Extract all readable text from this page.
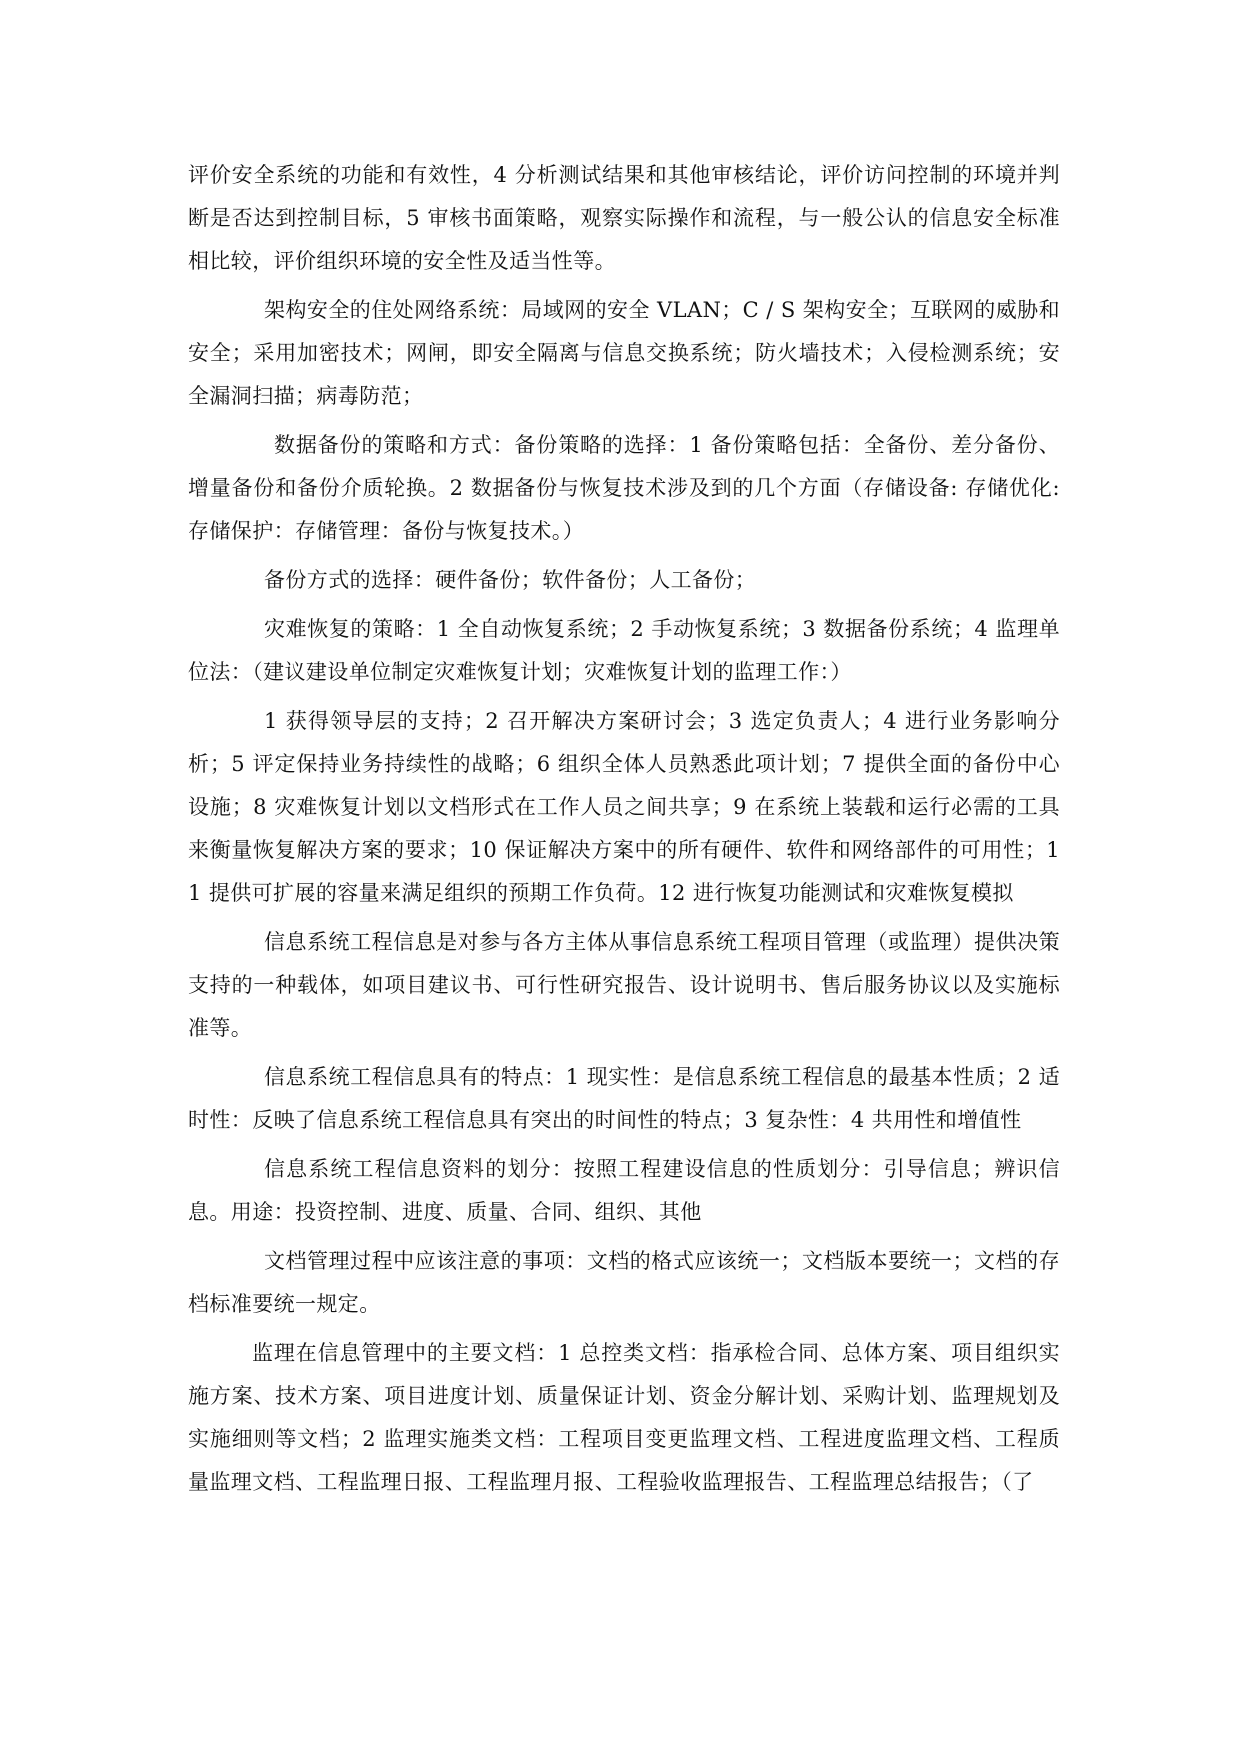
评价安全系统的功能和有效性，4 分析测试结果和其他审核结论，评价访问控制的环境并判断是否达到控制目标，5 审核书面策略，观察实际操作和流程，与一般公认的信息安全标准相比较，评价组织环境的安全性及适当性等。

架构安全的住处网络系统：局域网的安全 VLAN；C / S 架构安全；互联网的威胁和安全；采用加密技术；网闸，即安全隔离与信息交换系统；防火墙技术；入侵检测系统；安全漏洞扫描；病毒防范；

数据备份的策略和方式：备份策略的选择：1 备份策略包括：全备份、差分备份、增量备份和备份介质轮换。2 数据备份与恢复技术涉及到的几个方面（存储设备: 存储优化: 存储保护：存储管理：备份与恢复技术。）

备份方式的选择：硬件备份；软件备份；人工备份；

灾难恢复的策略：1 全自动恢复系统；2 手动恢复系统；3 数据备份系统；4 监理单位法：（建议建设单位制定灾难恢复计划；灾难恢复计划的监理工作：）

1 获得领导层的支持；2 召开解决方案研讨会；3 选定负责人；4 进行业务影响分析；5 评定保持业务持续性的战略；6 组织全体人员熟悉此项计划；7 提供全面的备份中心设施；8 灾难恢复计划以文档形式在工作人员之间共享；9 在系统上装载和运行必需的工具来衡量恢复解决方案的要求；10 保证解决方案中的所有硬件、软件和网络部件的可用性；11 提供可扩展的容量来满足组织的预期工作负荷。12 进行恢复功能测试和灾难恢复模拟

信息系统工程信息是对参与各方主体从事信息系统工程项目管理（或监理）提供决策支持的一种载体，如项目建议书、可行性研究报告、设计说明书、售后服务协议以及实施标准等。

信息系统工程信息具有的特点：1 现实性：是信息系统工程信息的最基本性质；2 适时性：反映了信息系统工程信息具有突出的时间性的特点；3 复杂性：4 共用性和增值性

信息系统工程信息资料的划分：按照工程建设信息的性质划分：引导信息；辨识信息。用途：投资控制、进度、质量、合同、组织、其他

文档管理过程中应该注意的事项：文档的格式应该统一；文档版本要统一；文档的存档标准要统一规定。

监理在信息管理中的主要文档：1 总控类文档：指承检合同、总体方案、项目组织实施方案、技术方案、项目进度计划、质量保证计划、资金分解计划、采购计划、监理规划及实施细则等文档；2 监理实施类文档：工程项目变更监理文档、工程进度监理文档、工程质量监理文档、工程监理日报、工程监理月报、工程验收监理报告、工程监理总结报告；（了
